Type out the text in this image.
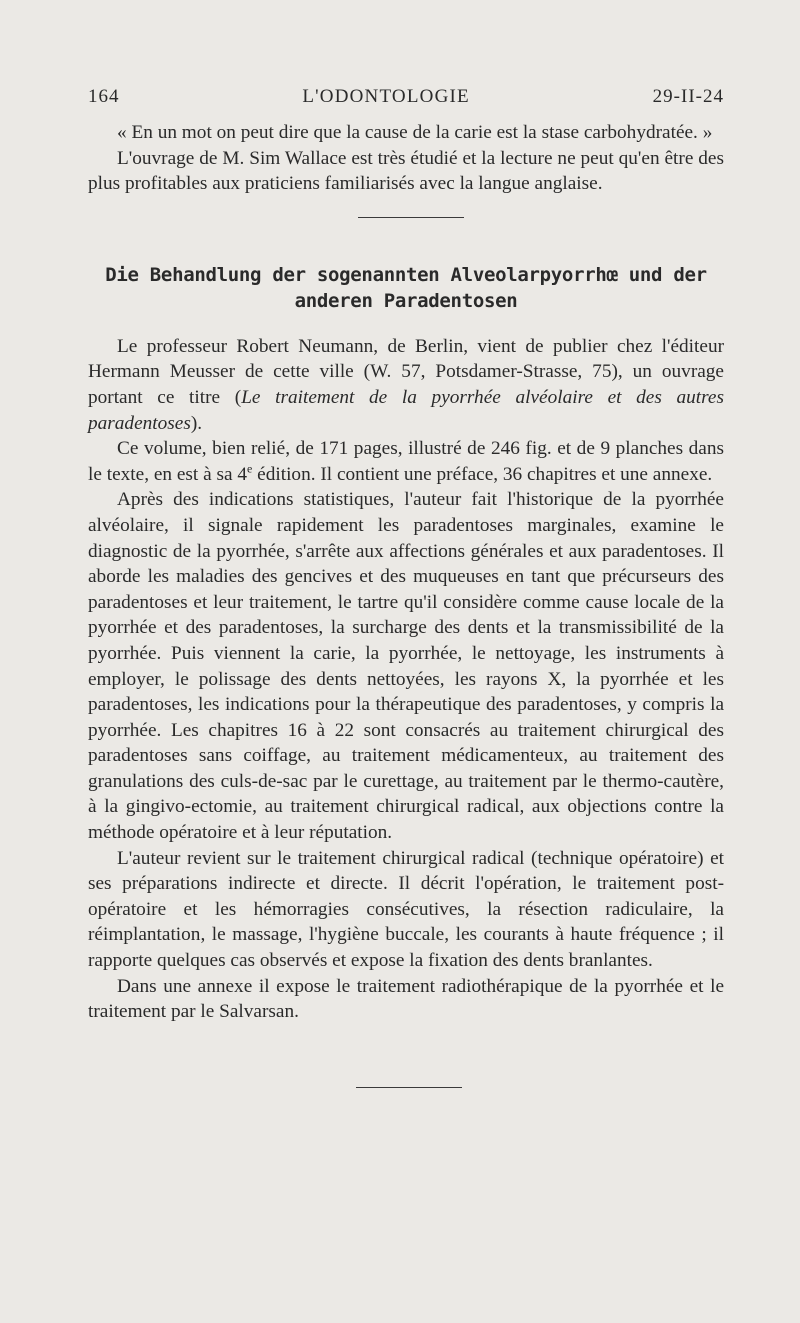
164	L'ODONTOLOGIE	29-II-24

« En un mot on peut dire que la cause de la carie est la stase carbohydratée. »

L'ouvrage de M. Sim Wallace est très étudié et la lecture ne peut qu'en être des plus profitables aux praticiens familiarisés avec la langue anglaise.

Die Behandlung der sogenannten Alveolarpyorrhœ und der
anderen Paradentosen

Le professeur Robert Neumann, de Berlin, vient de publier chez l'éditeur Hermann Meusser de cette ville (W. 57, Potsdamer-Strasse, 75), un ouvrage portant ce titre (Le traitement de la pyorrhée alvéolaire et des autres paradentoses).

Ce volume, bien relié, de 171 pages, illustré de 246 fig. et de 9 planches dans le texte, en est à sa 4e édition. Il contient une préface, 36 chapitres et une annexe.

Après des indications statistiques, l'auteur fait l'historique de la pyorrhée alvéolaire, il signale rapidement les paradentoses marginales, examine le diagnostic de la pyorrhée, s'arrête aux affections générales et aux paradentoses. Il aborde les maladies des gencives et des muqueuses en tant que précurseurs des paradentoses et leur traitement, le tartre qu'il considère comme cause locale de la pyorrhée et des paradentoses, la surcharge des dents et la transmissibilité de la pyorrhée. Puis viennent la carie, la pyorrhée, le nettoyage, les instruments à employer, le polissage des dents nettoyées, les rayons X, la pyorrhée et les paradentoses, les indications pour la thérapeutique des paradentoses, y compris la pyorrhée. Les chapitres 16 à 22 sont consacrés au traitement chirurgical des paradentoses sans coiffage, au traitement médicamenteux, au traitement des granulations des culs-de-sac par le curettage, au traitement par le thermo-cautère, à la gingivo-ectomie, au traitement chirurgical radical, aux objections contre la méthode opératoire et à leur réputation.

L'auteur revient sur le traitement chirurgical radical (technique opératoire) et ses préparations indirecte et directe. Il décrit l'opération, le traitement post-opératoire et les hémorragies consécutives, la résection radiculaire, la réimplantation, le massage, l'hygiène buccale, les courants à haute fréquence ; il rapporte quelques cas observés et expose la fixation des dents branlantes.

Dans une annexe il expose le traitement radiothérapique de la pyorrhée et le traitement par le Salvarsan.
